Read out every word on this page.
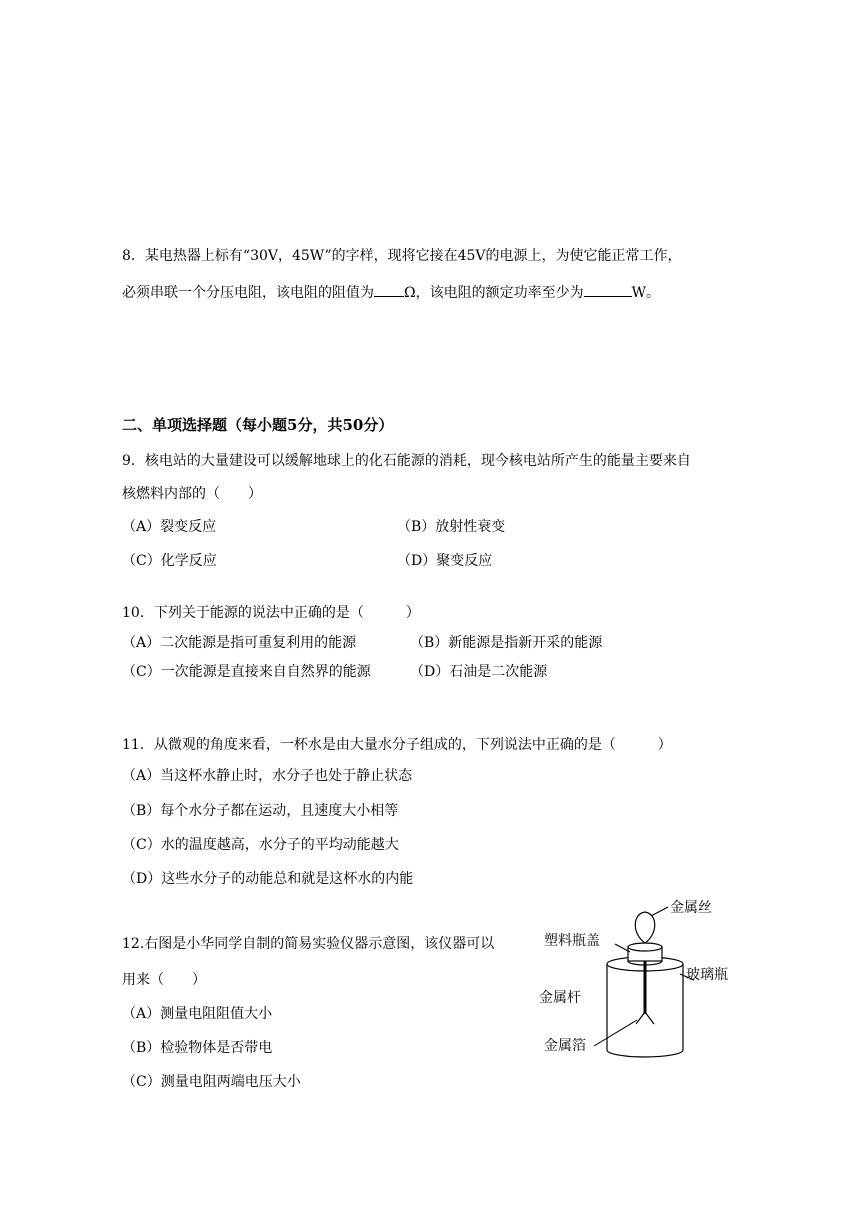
8．某电热器上标有“30V，45W”的字样，现将它接在45V的电源上，为使它能正常工作，
必须串联一个分压电阻，该电阻的阻值为 Ω，该电阻的额定功率至少为	W。
二、单项选择题（每小题5分，共50分）
9．核电站的大量建设可以缓解地球上的化石能源的消耗，现今核电站所产生的能量主要来自
核燃料内部的（　　）
（A）裂变反应	（B）放射性衰变
（C）化学反应	（D）聚变反应
10．下列关于能源的说法中正确的是（　　　）
（A）二次能源是指可重复利用的能源	（B）新能源是指新开采的能源
（C）一次能源是直接来自自然界的能源	（D）石油是二次能源
11．从微观的角度来看，一杯水是由大量水分子组成的，下列说法中正确的是（　　　）
（A）当这杯水静止时，水分子也处于静止状态
（B）每个水分子都在运动，且速度大小相等
（C）水的温度越高，水分子的平均动能越大
（D）这些水分子的动能总和就是这杯水的内能
12.右图是小华同学自制的简易实验仪器示意图，该仪器可以
用来（　　）
（A）测量电阻阻值大小
（B）检验物体是否带电
（C）测量电阻两端电压大小
金属丝
塑料瓶盖
玻璃瓶
金属杆
金属箔
